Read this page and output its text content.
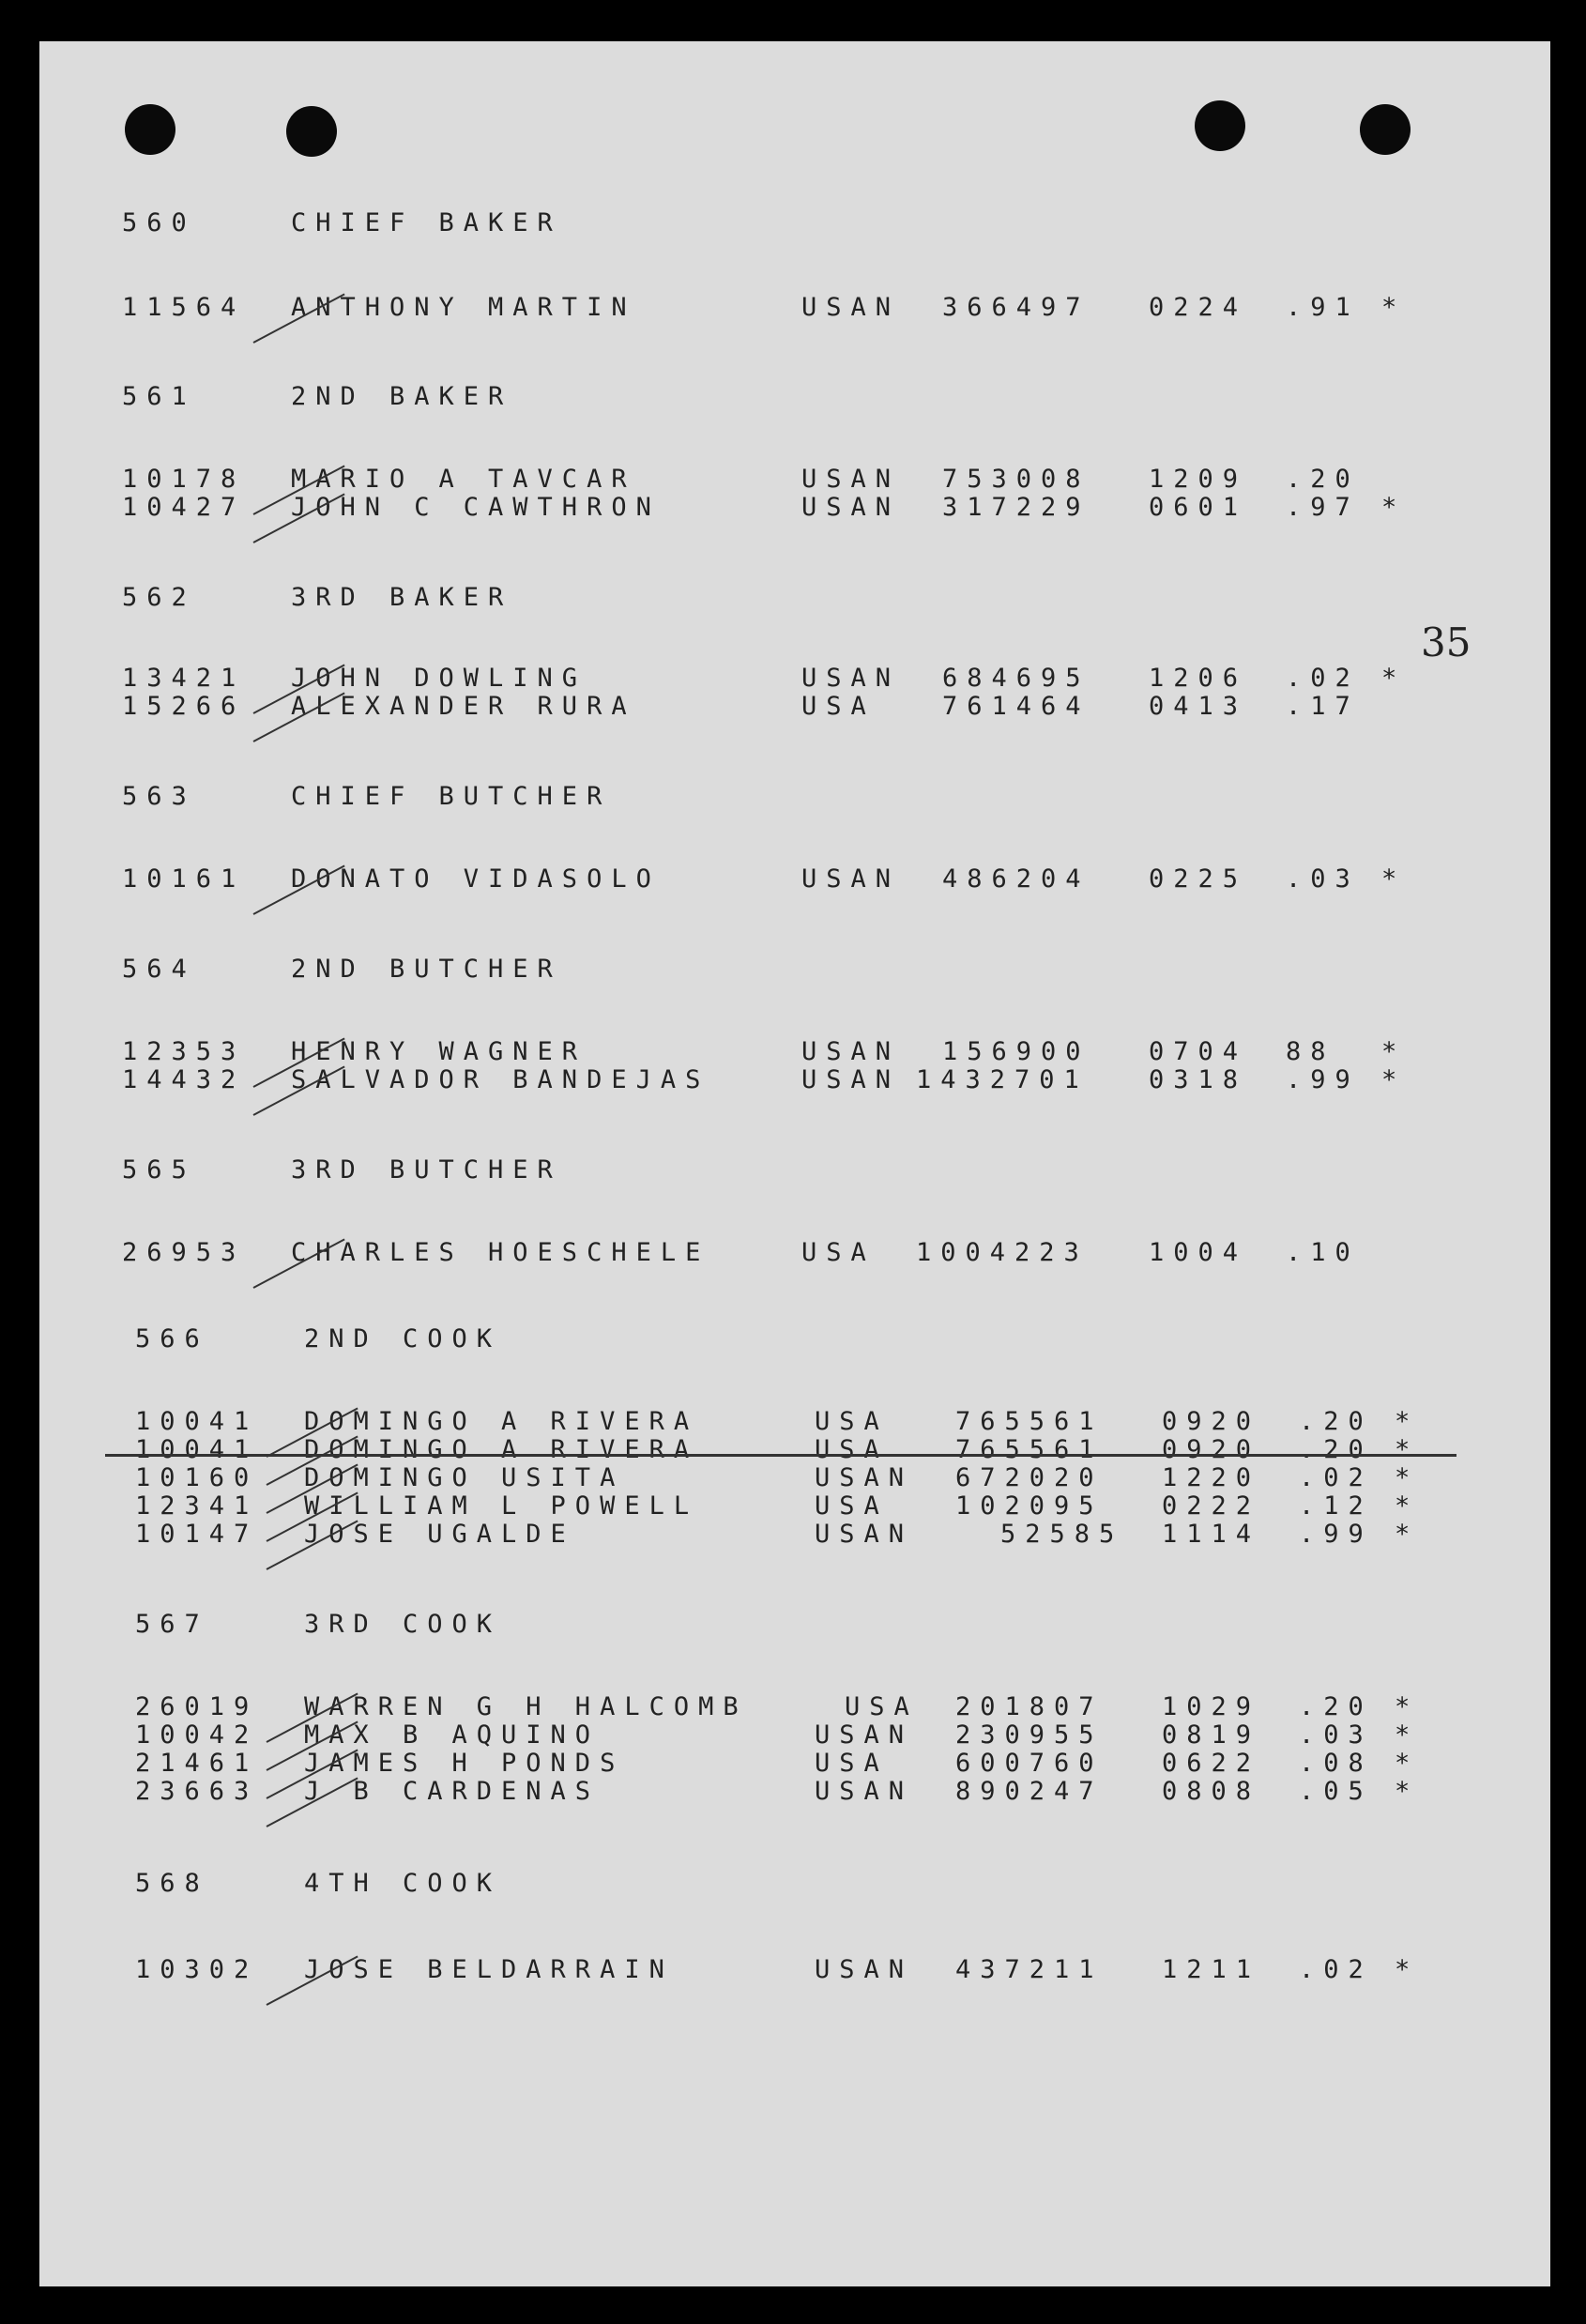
35
560	CHIEF BAKER
11564 ANTHONY MARTIN	USAN 366497 0224 .91 *
561	2ND BAKER
10178 MARIO A TAVCAR	USAN 753008 1209 .20
10427 JOHN C CAWTHRON	USAN 317229 0601 .97 *
562	3RD BAKER
13421 JOHN DOWLING	USAN 684695 1206 .02 *
15266 ALEXANDER RURA	USA	761464 0413 .17
563	CHIEF BUTCHER
10161 DONATO VIDASOLO	USAN 486204 0225 .03 *
564	2ND BUTCHER
12353 HENRY WAGNER	USAN 156900 0704 88 *
14432 SALVADOR BANDEJAS	USAN 1432701 0318 .99 *
565	3RD BUTCHER
26953 CHARLES HOESCHELE	USA 1004223 1004 .10
566	2ND COOK
10041 DOMINGO A RIVERA	USA	765561 0920 .20 *
10041 DOMINGO A RIVERA	USA	765561 0920 .20 *
10160 DOMINGO USITA	USAN 672020 1220 .02 *
12341 WILLIAM L POWELL	USA	102095 0222 .12 *
10147 JOSE UGALDE	USAN	52585 1114 .99 *
567	3RD COOK
26019 WARREN G H HALCOMB	USA 201807 1029 .20 *
10042 MAX B AQUINO	USAN 230955 0819 .03 *
21461 JAMES H PONDS	USA	600760 0622 .08 *
23663 J B CARDENAS	USAN 890247 0808 .05 *
568	4TH COOK
10302 JOSE BELDARRAIN	USAN 437211 1211 .02 *
